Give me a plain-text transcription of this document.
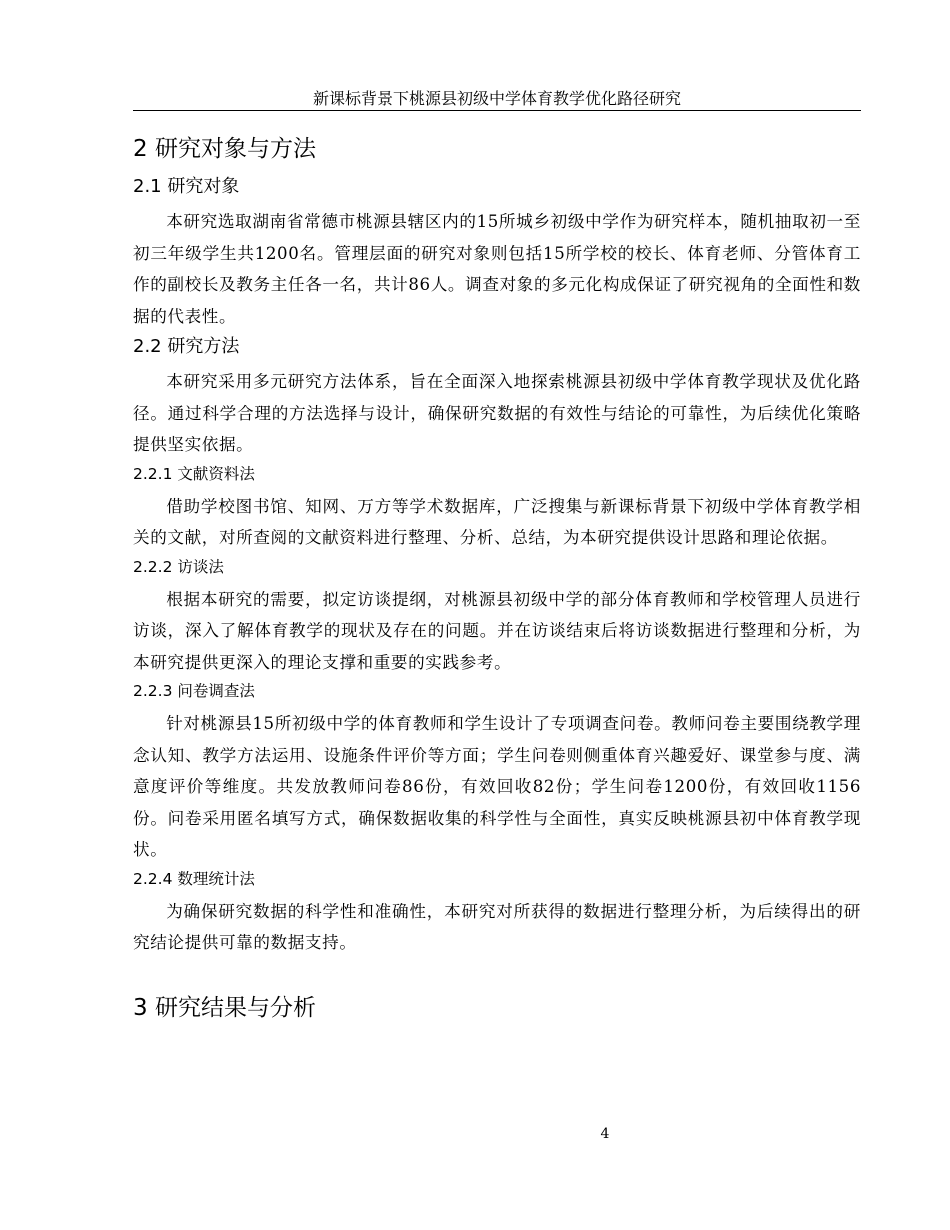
新课标背景下桃源县初级中学体育教学优化路径研究
2 研究对象与方法
2.1 研究对象

本研究选取湖南省常德市桃源县辖区内的15所城乡初级中学作为研究样本，随机抽取初一至初三年级学生共1200名。管理层面的研究对象则包括15所学校的校长、体育老师、分管体育工作的副校长及教务主任各一名，共计86人。调查对象的多元化构成保证了研究视角的全面性和数据的代表性。

2.2 研究方法

本研究采用多元研究方法体系，旨在全面深入地探索桃源县初级中学体育教学现状及优化路径。通过科学合理的方法选择与设计，确保研究数据的有效性与结论的可靠性，为后续优化策略提供坚实依据。

2.2.1 文献资料法

借助学校图书馆、知网、万方等学术数据库，广泛搜集与新课标背景下初级中学体育教学相关的文献，对所查阅的文献资料进行整理、分析、总结，为本研究提供设计思路和理论依据。

2.2.2 访谈法

根据本研究的需要，拟定访谈提纲，对桃源县初级中学的部分体育教师和学校管理人员进行访谈，深入了解体育教学的现状及存在的问题。并在访谈结束后将访谈数据进行整理和分析，为本研究提供更深入的理论支撑和重要的实践参考。

2.2.3 问卷调查法

针对桃源县15所初级中学的体育教师和学生设计了专项调查问卷。教师问卷主要围绕教学理念认知、教学方法运用、设施条件评价等方面；学生问卷则侧重体育兴趣爱好、课堂参与度、满意度评价等维度。共发放教师问卷86份，有效回收82份；学生问卷1200份，有效回收1156份。问卷采用匿名填写方式，确保数据收集的科学性与全面性，真实反映桃源县初中体育教学现状。

2.2.4 数理统计法

为确保研究数据的科学性和准确性，本研究对所获得的数据进行整理分析，为后续得出的研究结论提供可靠的数据支持。

3 研究结果与分析
4
